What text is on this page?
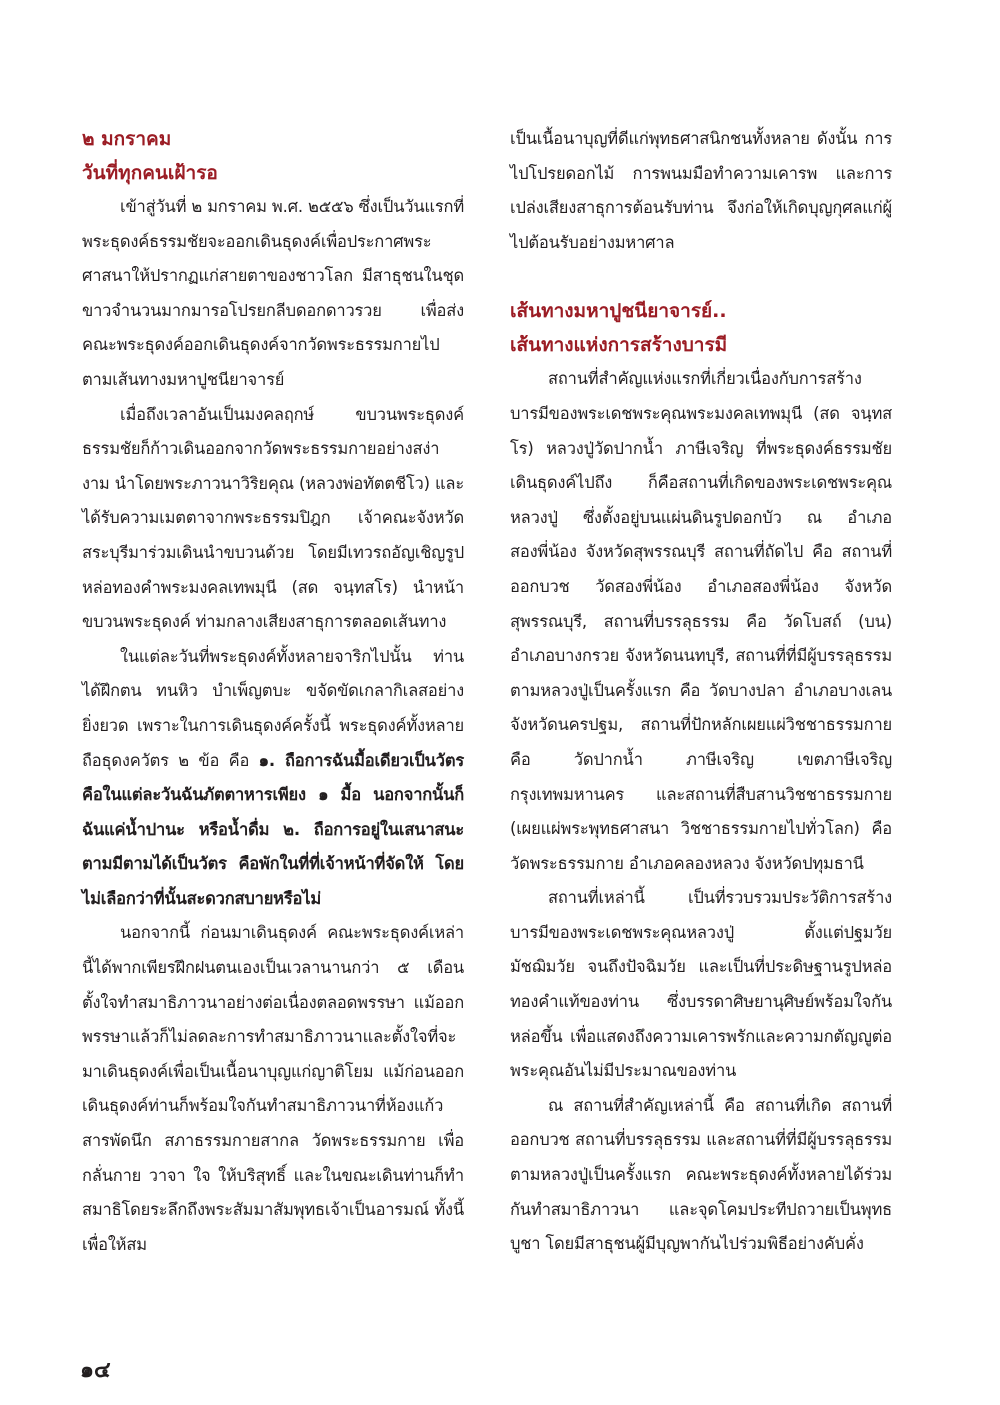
๒ มกราคม
วันที่ทุกคนเฝ้ารอ

เข้าสู่วันที่ ๒ มกราคม พ.ศ. ๒๕๕๖ ซึ่งเป็นวันแรกที่พระธุดงค์ธรรมชัยจะออกเดินธุดงค์เพื่อประกาศพระศาสนาให้ปรากฏแก่สายตาของชาวโลก มีสาธุชนในชุดขาวจำนวนมากมารอโปรยกลีบดอกดาวรวย เพื่อส่งคณะพระธุดงค์ออกเดินธุดงค์จากวัดพระธรรมกายไปตามเส้นทางมหาปูชนียาจารย์

เมื่อถึงเวลาอันเป็นมงคลฤกษ์ ขบวนพระธุดงค์ธรรมชัยก็ก้าวเดินออกจากวัดพระธรรมกายอย่างสง่างาม นำโดยพระภาวนาวิริยคุณ (หลวงพ่อทัตตชีโว) และได้รับความเมตตาจากพระธรรมปิฎก เจ้าคณะจังหวัดสระบุรีมาร่วมเดินนำขบวนด้วย โดยมีเทวรถอัญเชิญรูปหล่อทองคำพระมงคลเทพมุนี (สด จนฺทสโร) นำหน้าขบวนพระธุดงค์ ท่ามกลางเสียงสาธุการตลอดเส้นทาง

ในแต่ละวันที่พระธุดงค์ทั้งหลายจาริกไปนั้น ท่านได้ฝึกตน ทนหิว บำเพ็ญตบะ ขจัดขัดเกลากิเลสอย่างยิ่งยวด เพราะในการเดินธุดงค์ครั้งนี้ พระธุดงค์ทั้งหลายถือธุดงควัตร ๒ ข้อ คือ ๑. ถือการฉันมื้อเดียวเป็นวัตร คือในแต่ละวันฉันภัตตาหารเพียง ๑ มื้อ นอกจากนั้นก็ฉันแค่น้ำปานะ หรือน้ำดื่ม ๒. ถือการอยู่ในเสนาสนะตามมีตามได้เป็นวัตร คือพักในที่ที่เจ้าหน้าที่จัดให้ โดยไม่เลือกว่าที่นั้นสะดวกสบายหรือไม่

นอกจากนี้ ก่อนมาเดินธุดงค์ คณะพระธุดงค์เหล่านี้ได้พากเพียรฝึกฝนตนเองเป็นเวลานานกว่า ๕ เดือน ตั้งใจทำสมาธิภาวนาอย่างต่อเนื่องตลอดพรรษา แม้ออกพรรษาแล้วก็ไม่ลดละการทำสมาธิภาวนาและตั้งใจที่จะมาเดินธุดงค์เพื่อเป็นเนื้อนาบุญแก่ญาติโยม แม้ก่อนออกเดินธุดงค์ท่านก็พร้อมใจกันทำสมาธิภาวนาที่ห้องแก้วสารพัดนึก สภาธรรมกายสากล วัดพระธรรมกาย เพื่อกลั่นกาย วาจา ใจ ให้บริสุทธิ์ และในขณะเดินท่านก็ทำสมาธิโดยระลึกถึงพระสัมมาสัมพุทธเจ้าเป็นอารมณ์ ทั้งนี้เพื่อให้สม

เป็นเนื้อนาบุญที่ดีแก่พุทธศาสนิกชนทั้งหลาย ดังนั้น การไปโปรยดอกไม้ การพนมมือทำความเคารพ และการเปล่งเสียงสาธุการต้อนรับท่าน จึงก่อให้เกิดบุญกุศลแก่ผู้ไปต้อนรับอย่างมหาศาล

เส้นทางมหาปูชนียาจารย์..
เส้นทางแห่งการสร้างบารมี

สถานที่สำคัญแห่งแรกที่เกี่ยวเนื่องกับการสร้างบารมีของพระเดชพระคุณพระมงคลเทพมุนี (สด จนฺทสโร) หลวงปู่วัดปากน้ำ ภาษีเจริญ ที่พระธุดงค์ธรรมชัยเดินธุดงค์ไปถึง ก็คือสถานที่เกิดของพระเดชพระคุณหลวงปู่ ซึ่งตั้งอยู่บนแผ่นดินรูปดอกบัว ณ อำเภอสองพี่น้อง จังหวัดสุพรรณบุรี สถานที่ถัดไป คือ สถานที่ออกบวช วัดสองพี่น้อง อำเภอสองพี่น้อง จังหวัดสุพรรณบุรี, สถานที่บรรลุธรรม คือ วัดโบสถ์ (บน) อำเภอบางกรวย จังหวัดนนทบุรี, สถานที่ที่มีผู้บรรลุธรรมตามหลวงปู่เป็นครั้งแรก คือ วัดบางปลา อำเภอบางเลน จังหวัดนครปฐม, สถานที่ปักหลักเผยแผ่วิชชาธรรมกาย คือ วัดปากน้ำ ภาษีเจริญ เขตภาษีเจริญ กรุงเทพมหานคร และสถานที่สืบสานวิชชาธรรมกาย (เผยแผ่พระพุทธศาสนา วิชชาธรรมกายไปทั่วโลก) คือวัดพระธรรมกาย อำเภอคลองหลวง จังหวัดปทุมธานี

สถานที่เหล่านี้ เป็นที่รวบรวมประวัติการสร้างบารมีของพระเดชพระคุณหลวงปู่ ตั้งแต่ปฐมวัย มัชฌิมวัย จนถึงปัจฉิมวัย และเป็นที่ประดิษฐานรูปหล่อทองคำแท้ของท่าน ซึ่งบรรดาศิษยานุศิษย์พร้อมใจกันหล่อขึ้น เพื่อแสดงถึงความเคารพรักและความกตัญญูต่อพระคุณอันไม่มีประมาณของท่าน

ณ สถานที่สำคัญเหล่านี้ คือ สถานที่เกิด สถานที่ออกบวช สถานที่บรรลุธรรม และสถานที่ที่มีผู้บรรลุธรรมตามหลวงปู่เป็นครั้งแรก คณะพระธุดงค์ทั้งหลายได้ร่วมกันทำสมาธิภาวนา และจุดโคมประทีปถวายเป็นพุทธบูชา โดยมีสาธุชนผู้มีบุญพากันไปร่วมพิธีอย่างคับคั่ง

๑๔
